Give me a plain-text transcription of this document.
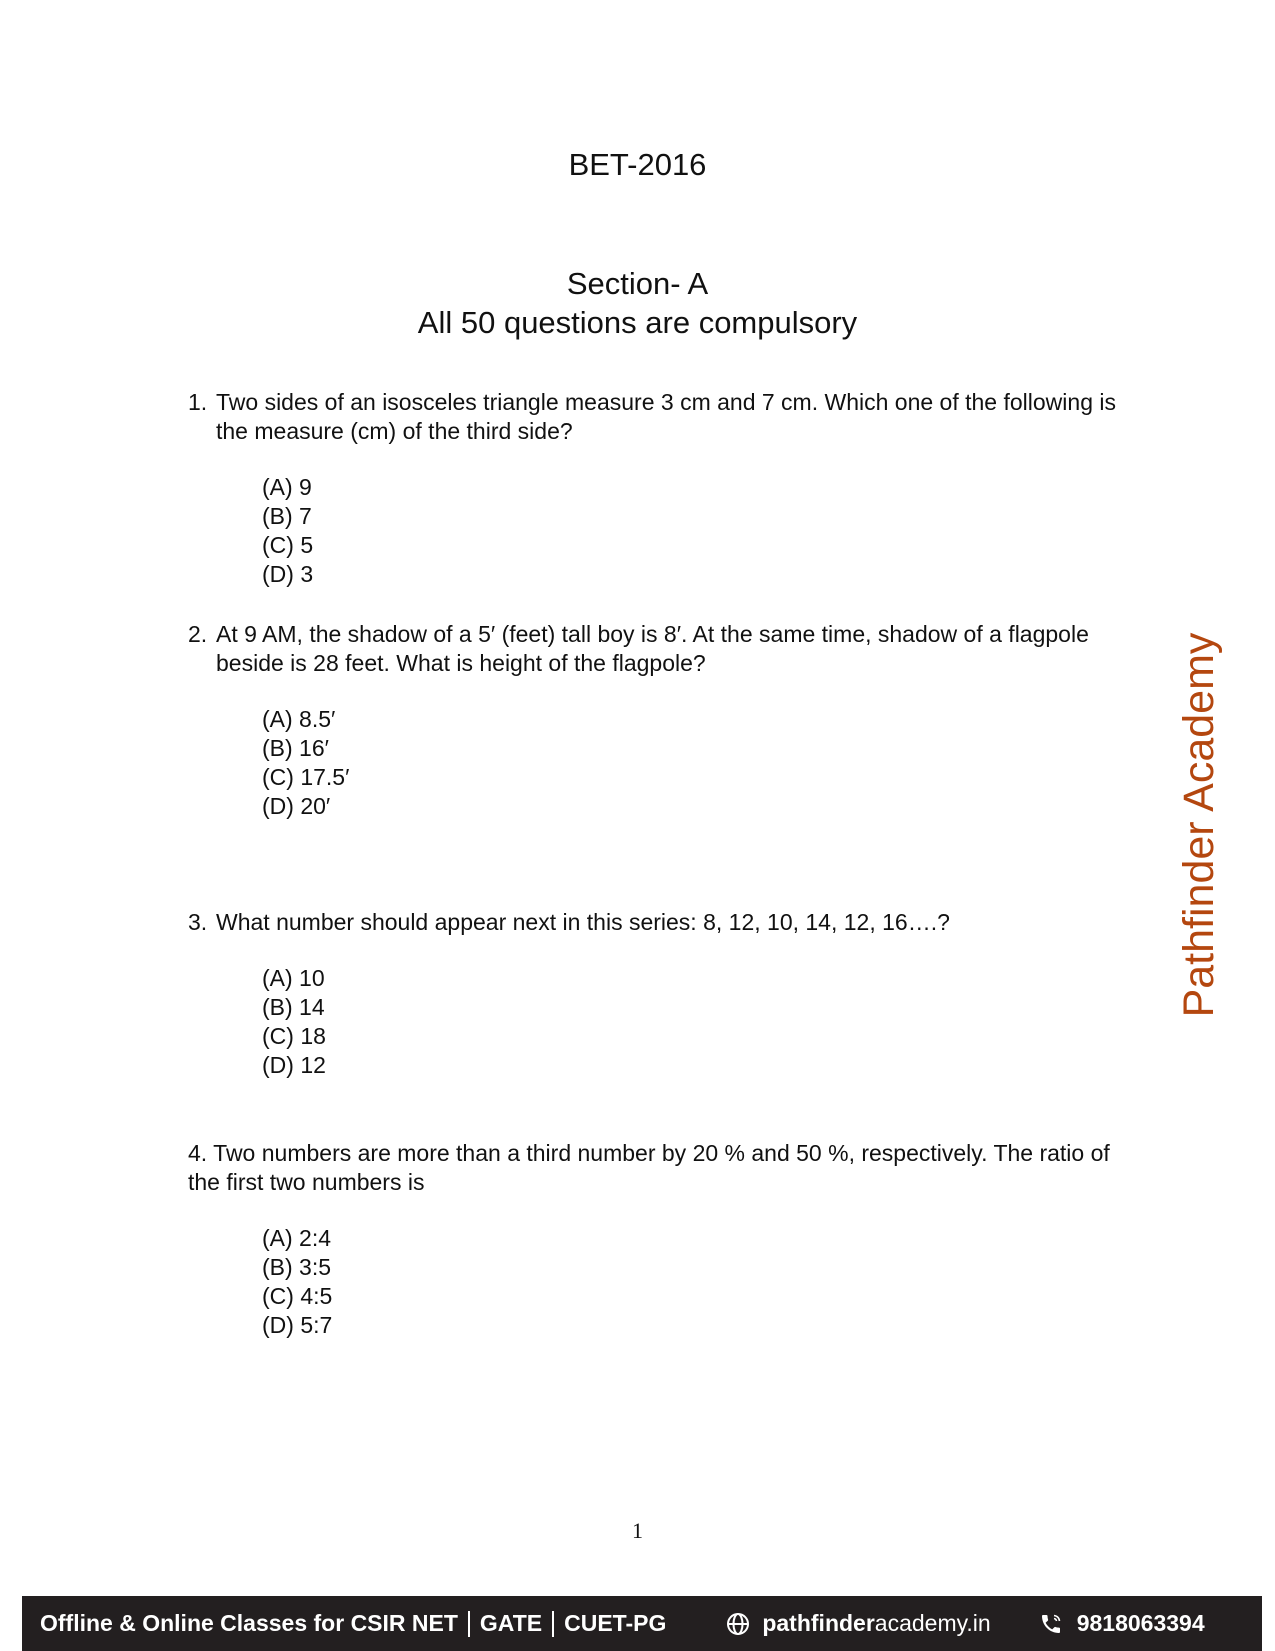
BET-2016
Section- A
All 50 questions are compulsory
1. Two sides of an isosceles triangle measure 3 cm and 7 cm. Which one of the following is the measure (cm) of the third side?
(A) 9
(B) 7
(C) 5
(D) 3
2. At 9 AM, the shadow of a 5′ (feet) tall boy is 8′. At the same time, shadow of a flagpole beside is 28 feet. What is height of the flagpole?
(A) 8.5′
(B) 16′
(C) 17.5′
(D) 20′
3. What number should appear next in this series: 8, 12, 10, 14, 12, 16….?
(A) 10
(B) 14
(C) 18
(D) 12
4. Two numbers are more than a third number by 20 % and 50 %, respectively. The ratio of the first two numbers is
(A) 2:4
(B) 3:5
(C) 4:5
(D) 5:7
Pathfinder Academy
1
Offline & Online Classes for CSIR NET GATE CUET-PG	pathfinder academy.in	9818063394
